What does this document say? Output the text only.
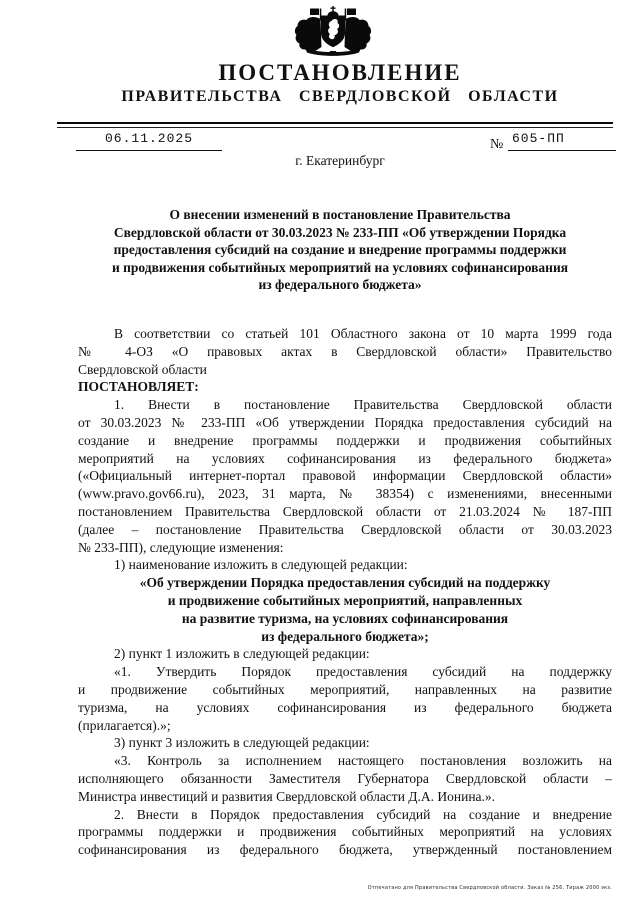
ПОСТАНОВЛЕНИЕ
ПРАВИТЕЛЬСТВА СВЕРДЛОВСКОЙ ОБЛАСТИ
06.11.2025	№ 605-ПП
г. Екатеринбург
О внесении изменений в постановление Правительства
Свердловской области от 30.03.2023 № 233-ПП «Об утверждении Порядка
предоставления субсидий на создание и внедрение программы поддержки
и продвижения событийных мероприятий на условиях софинансирования
из федерального бюджета»
В соответствии со статьей 101 Областного закона от 10 марта 1999 года
№ 4-ОЗ «О правовых актах в Свердловской области» Правительство
Свердловской области
ПОСТАНОВЛЯЕТ:
1. Внести в постановление Правительства Свердловской области
от 30.03.2023 № 233-ПП «Об утверждении Порядка предоставления субсидий на
создание и внедрение программы поддержки и продвижения событийных
мероприятий на условиях софинансирования из федерального бюджета»
(«Официальный интернет-портал правовой информации Свердловской области»
(www.pravo.gov66.ru), 2023, 31 марта, № 38354) с изменениями, внесенными
постановлением Правительства Свердловской области от 21.03.2024 № 187-ПП
(далее – постановление Правительства Свердловской области от 30.03.2023
№ 233-ПП), следующие изменения:
1) наименование изложить в следующей редакции:
«Об утверждении Порядка предоставления субсидий на поддержку
и продвижение событийных мероприятий, направленных
на развитие туризма, на условиях софинансирования
из федерального бюджета»;
2) пункт 1 изложить в следующей редакции:
«1. Утвердить Порядок предоставления субсидий на поддержку
и продвижение событийных мероприятий, направленных на развитие
туризма, на условиях софинансирования из федерального бюджета
(прилагается).»;
3) пункт 3 изложить в следующей редакции:
«3. Контроль за исполнением настоящего постановления возложить на
исполняющего обязанности Заместителя Губернатора Свердловской области –
Министра инвестиций и развития Свердловской области Д.А. Ионина.».
2. Внести в Порядок предоставления субсидий на создание и внедрение
программы поддержки и продвижения событийных мероприятий на условиях
софинансирования из федерального бюджета, утвержденный постановлением
Отпечатано для Правительства Свердловской области. Заказ № 256. Тираж 2000 экз.
